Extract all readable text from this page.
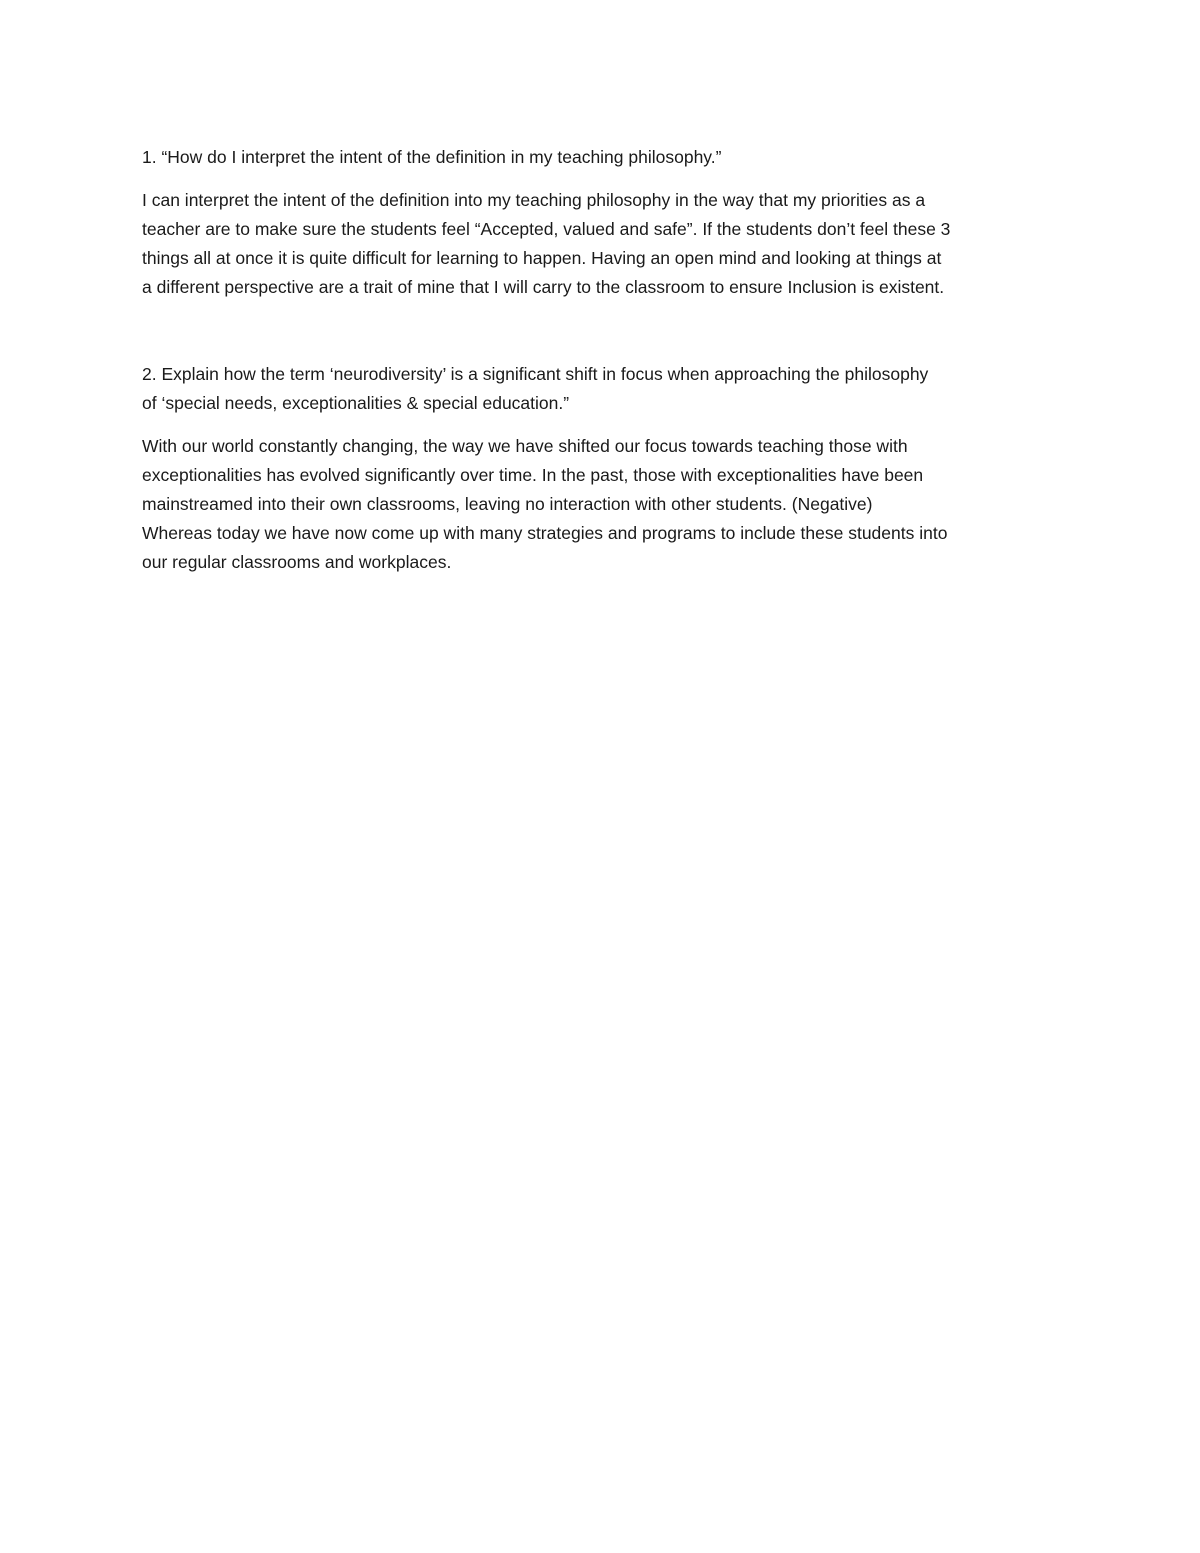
1. “How do I interpret the intent of the definition in my teaching philosophy.”
I can interpret the intent of the definition into my teaching philosophy in the way that my priorities as a
teacher are to make sure the students feel “Accepted, valued and safe”. If the students don’t feel these 3
things all at once it is quite difficult for learning to happen. Having an open mind and looking at things at
a different perspective are a trait of mine that I will carry to the classroom to ensure Inclusion is existent.
2. Explain how the term ‘neurodiversity’ is a significant shift in focus when approaching the philosophy
of ‘special needs, exceptionalities & special education.”
With our world constantly changing, the way we have shifted our focus towards teaching those with
exceptionalities has evolved significantly over time. In the past, those with exceptionalities have been
mainstreamed into their own classrooms, leaving no interaction with other students. (Negative)
Whereas today we have now come up with many strategies and programs to include these students into
our regular classrooms and workplaces.
